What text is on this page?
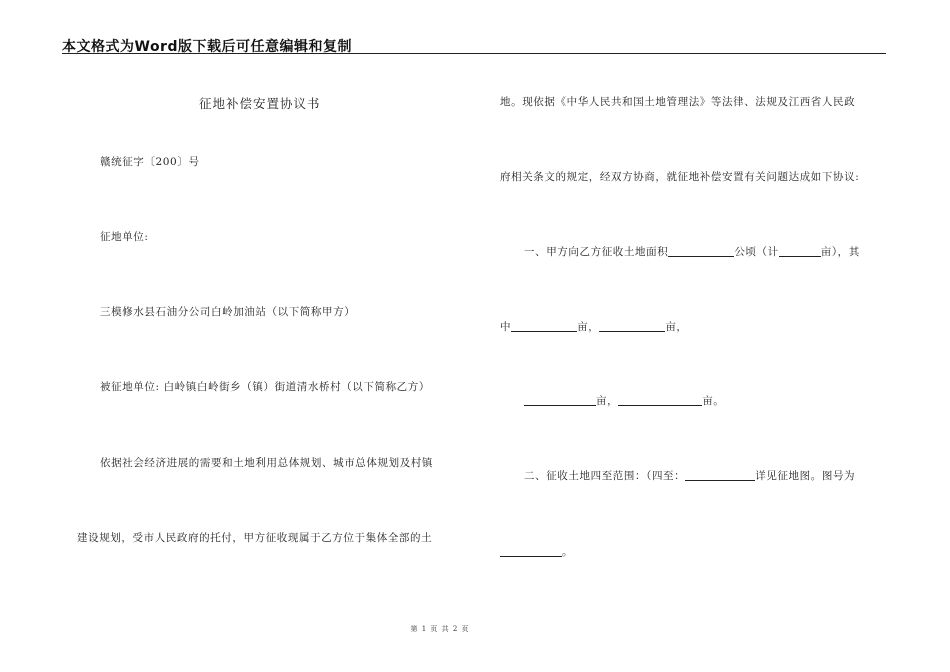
本文格式为Word版下载后可任意编辑和复制
征地补偿安置协议书
赣统征字〔200〕号
征地单位:
三模修水县石油分公司白岭加油站（以下简称甲方）
被征地单位: 白岭镇白岭街乡（镇）街道清水桥村（以下简称乙方）
依据社会经济进展的需要和土地利用总体规划、城市总体规划及村镇
建设规划，受市人民政府的托付，甲方征收现属于乙方位于集体全部的土
地。现依据《中华人民共和国土地管理法》等法律、法规及江西省人民政
府相关条文的规定，经双方协商，就征地补偿安置有关问题达成如下协议:
一、甲方向乙方征收土地面积	公顷（计	亩），其
中	亩，	亩，
亩，	亩。
二、征收土地四至范围：（四至：	详见征地图。图号为
。
第 1 页 共 2 页
